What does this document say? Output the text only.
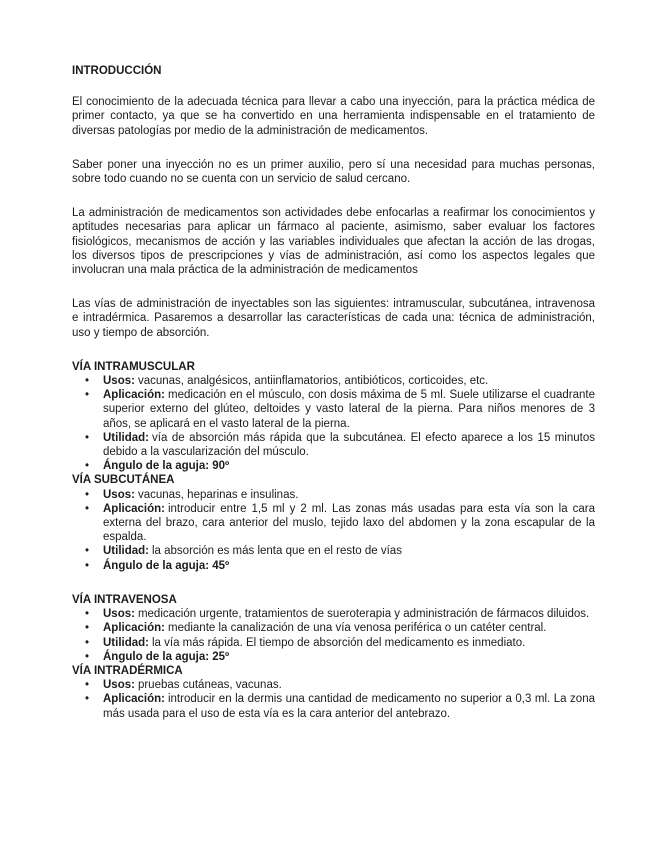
INTRODUCCIÓN

El conocimiento de la adecuada técnica para llevar a cabo una inyección, para la práctica médica de primer contacto, ya que se ha convertido en una herramienta indispensable en el tratamiento de diversas patologías por medio de la administración de medicamentos.

Saber poner una inyección no es un primer auxilio, pero sí una necesidad para muchas personas, sobre todo cuando no se cuenta con un servicio de salud cercano.

La administración de medicamentos son actividades debe enfocarlas a reafirmar los conocimientos y aptitudes necesarias para aplicar un fármaco al paciente, asimismo, saber evaluar los factores fisiológicos, mecanismos de acción y las variables individuales que afectan la acción de las drogas, los diversos tipos de prescripciones y vías de administración, así como los aspectos legales que involucran una mala práctica de la administración de medicamentos

Las vías de administración de inyectables son las siguientes: intramuscular, subcutánea, intravenosa e intradérmica. Pasaremos a desarrollar las características de cada una: técnica de administración, uso y tiempo de absorción.

VÍA INTRAMUSCULAR
• Usos: vacunas, analgésicos, antiinflamatorios, antibióticos, corticoides, etc.
• Aplicación: medicación en el músculo, con dosis máxima de 5 ml. Suele utilizarse el cuadrante superior externo del glúteo, deltoides y vasto lateral de la pierna. Para niños menores de 3 años, se aplicará en el vasto lateral de la pierna.
• Utilidad: vía de absorción más rápida que la subcutánea. El efecto aparece a los 15 minutos debido a la vascularización del músculo.
• Ángulo de la aguja: 90º
VÍA SUBCUTÁNEA
• Usos: vacunas, heparinas e insulinas.
• Aplicación: introducir entre 1,5 ml y 2 ml. Las zonas más usadas para esta vía son la cara externa del brazo, cara anterior del muslo, tejido laxo del abdomen y la zona escapular de la espalda.
• Utilidad: la absorción es más lenta que en el resto de vías
• Ángulo de la aguja: 45º
VÍA INTRAVENOSA
• Usos: medicación urgente, tratamientos de sueroterapia y administración de fármacos diluidos.
• Aplicación: mediante la canalización de una vía venosa periférica o un catéter central.
• Utilidad: la vía más rápida. El tiempo de absorción del medicamento es inmediato.
• Ángulo de la aguja: 25º
VÍA INTRADÉRMICA
• Usos: pruebas cutáneas, vacunas.
• Aplicación: introducir en la dermis una cantidad de medicamento no superior a 0,3 ml. La zona más usada para el uso de esta vía es la cara anterior del antebrazo.
